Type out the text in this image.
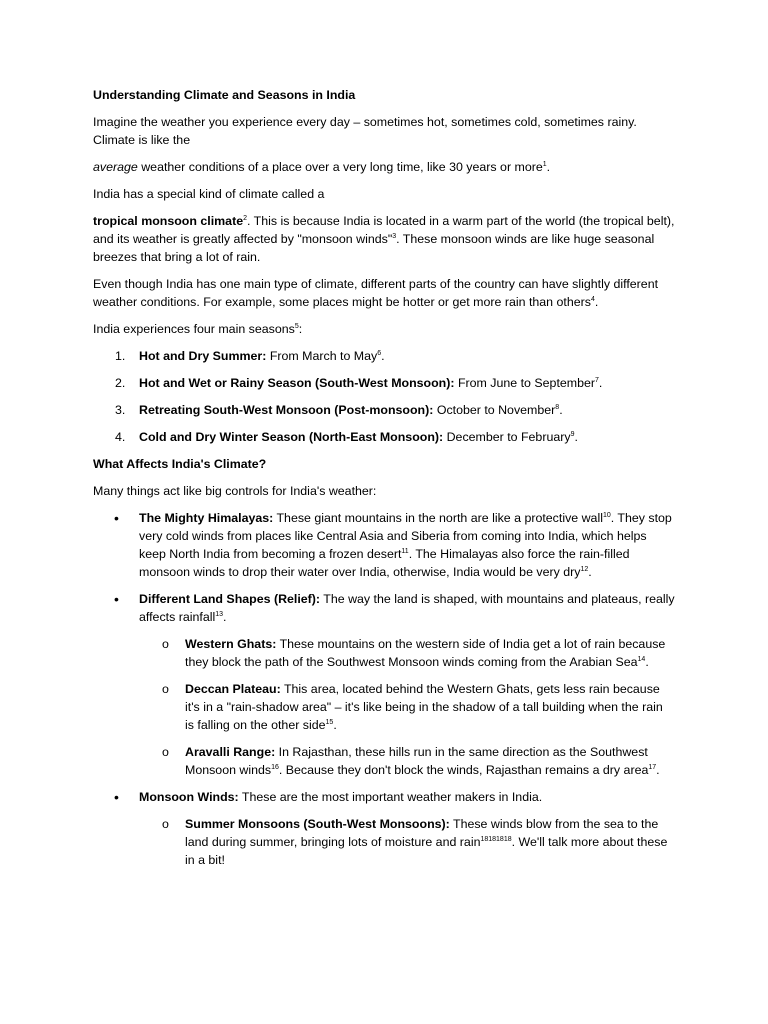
Understanding Climate and Seasons in India

Imagine the weather you experience every day – sometimes hot, sometimes cold, sometimes rainy. Climate is like the

average weather conditions of a place over a very long time, like 30 years or more$^1$.

India has a special kind of climate called a

tropical monsoon climate$^2$. This is because India is located in a warm part of the world (the tropical belt), and its weather is greatly affected by "monsoon winds"$^3$. These monsoon winds are like huge seasonal breezes that bring a lot of rain.

Even though India has one main type of climate, different parts of the country can have slightly different weather conditions. For example, some places might be hotter or get more rain than others$^4$.

India experiences four main seasons$^5$:

1. Hot and Dry Summer: From March to May$^6$.
2. Hot and Wet or Rainy Season (South-West Monsoon): From June to September$^7$.
3. Retreating South-West Monsoon (Post-monsoon): October to November$^8$.
4. Cold and Dry Winter Season (North-East Monsoon): December to February$^9$.

What Affects India's Climate?

Many things act like big controls for India's weather:

• The Mighty Himalayas: These giant mountains in the north are like a protective wall$^{10}$. They stop very cold winds from places like Central Asia and Siberia from coming into India, which helps keep North India from becoming a frozen desert$^{11}$. The Himalayas also force the rain-filled monsoon winds to drop their water over India, otherwise, India would be very dry$^{12}$.
• Different Land Shapes (Relief): The way the land is shaped, with mountains and plateaus, really affects rainfall$^{13}$.
o Western Ghats: These mountains on the western side of India get a lot of rain because they block the path of the Southwest Monsoon winds coming from the Arabian Sea$^{14}$.
o Deccan Plateau: This area, located behind the Western Ghats, gets less rain because it's in a "rain-shadow area" – it's like being in the shadow of a tall building when the rain is falling on the other side$^{15}$.
o Aravalli Range: In Rajasthan, these hills run in the same direction as the Southwest Monsoon winds$^{16}$. Because they don't block the winds, Rajasthan remains a dry area$^{17}$.
• Monsoon Winds: These are the most important weather makers in India.
o Summer Monsoons (South-West Monsoons): These winds blow from the sea to the land during summer, bringing lots of moisture and rain$^{18181818}$. We'll talk more about these in a bit!
